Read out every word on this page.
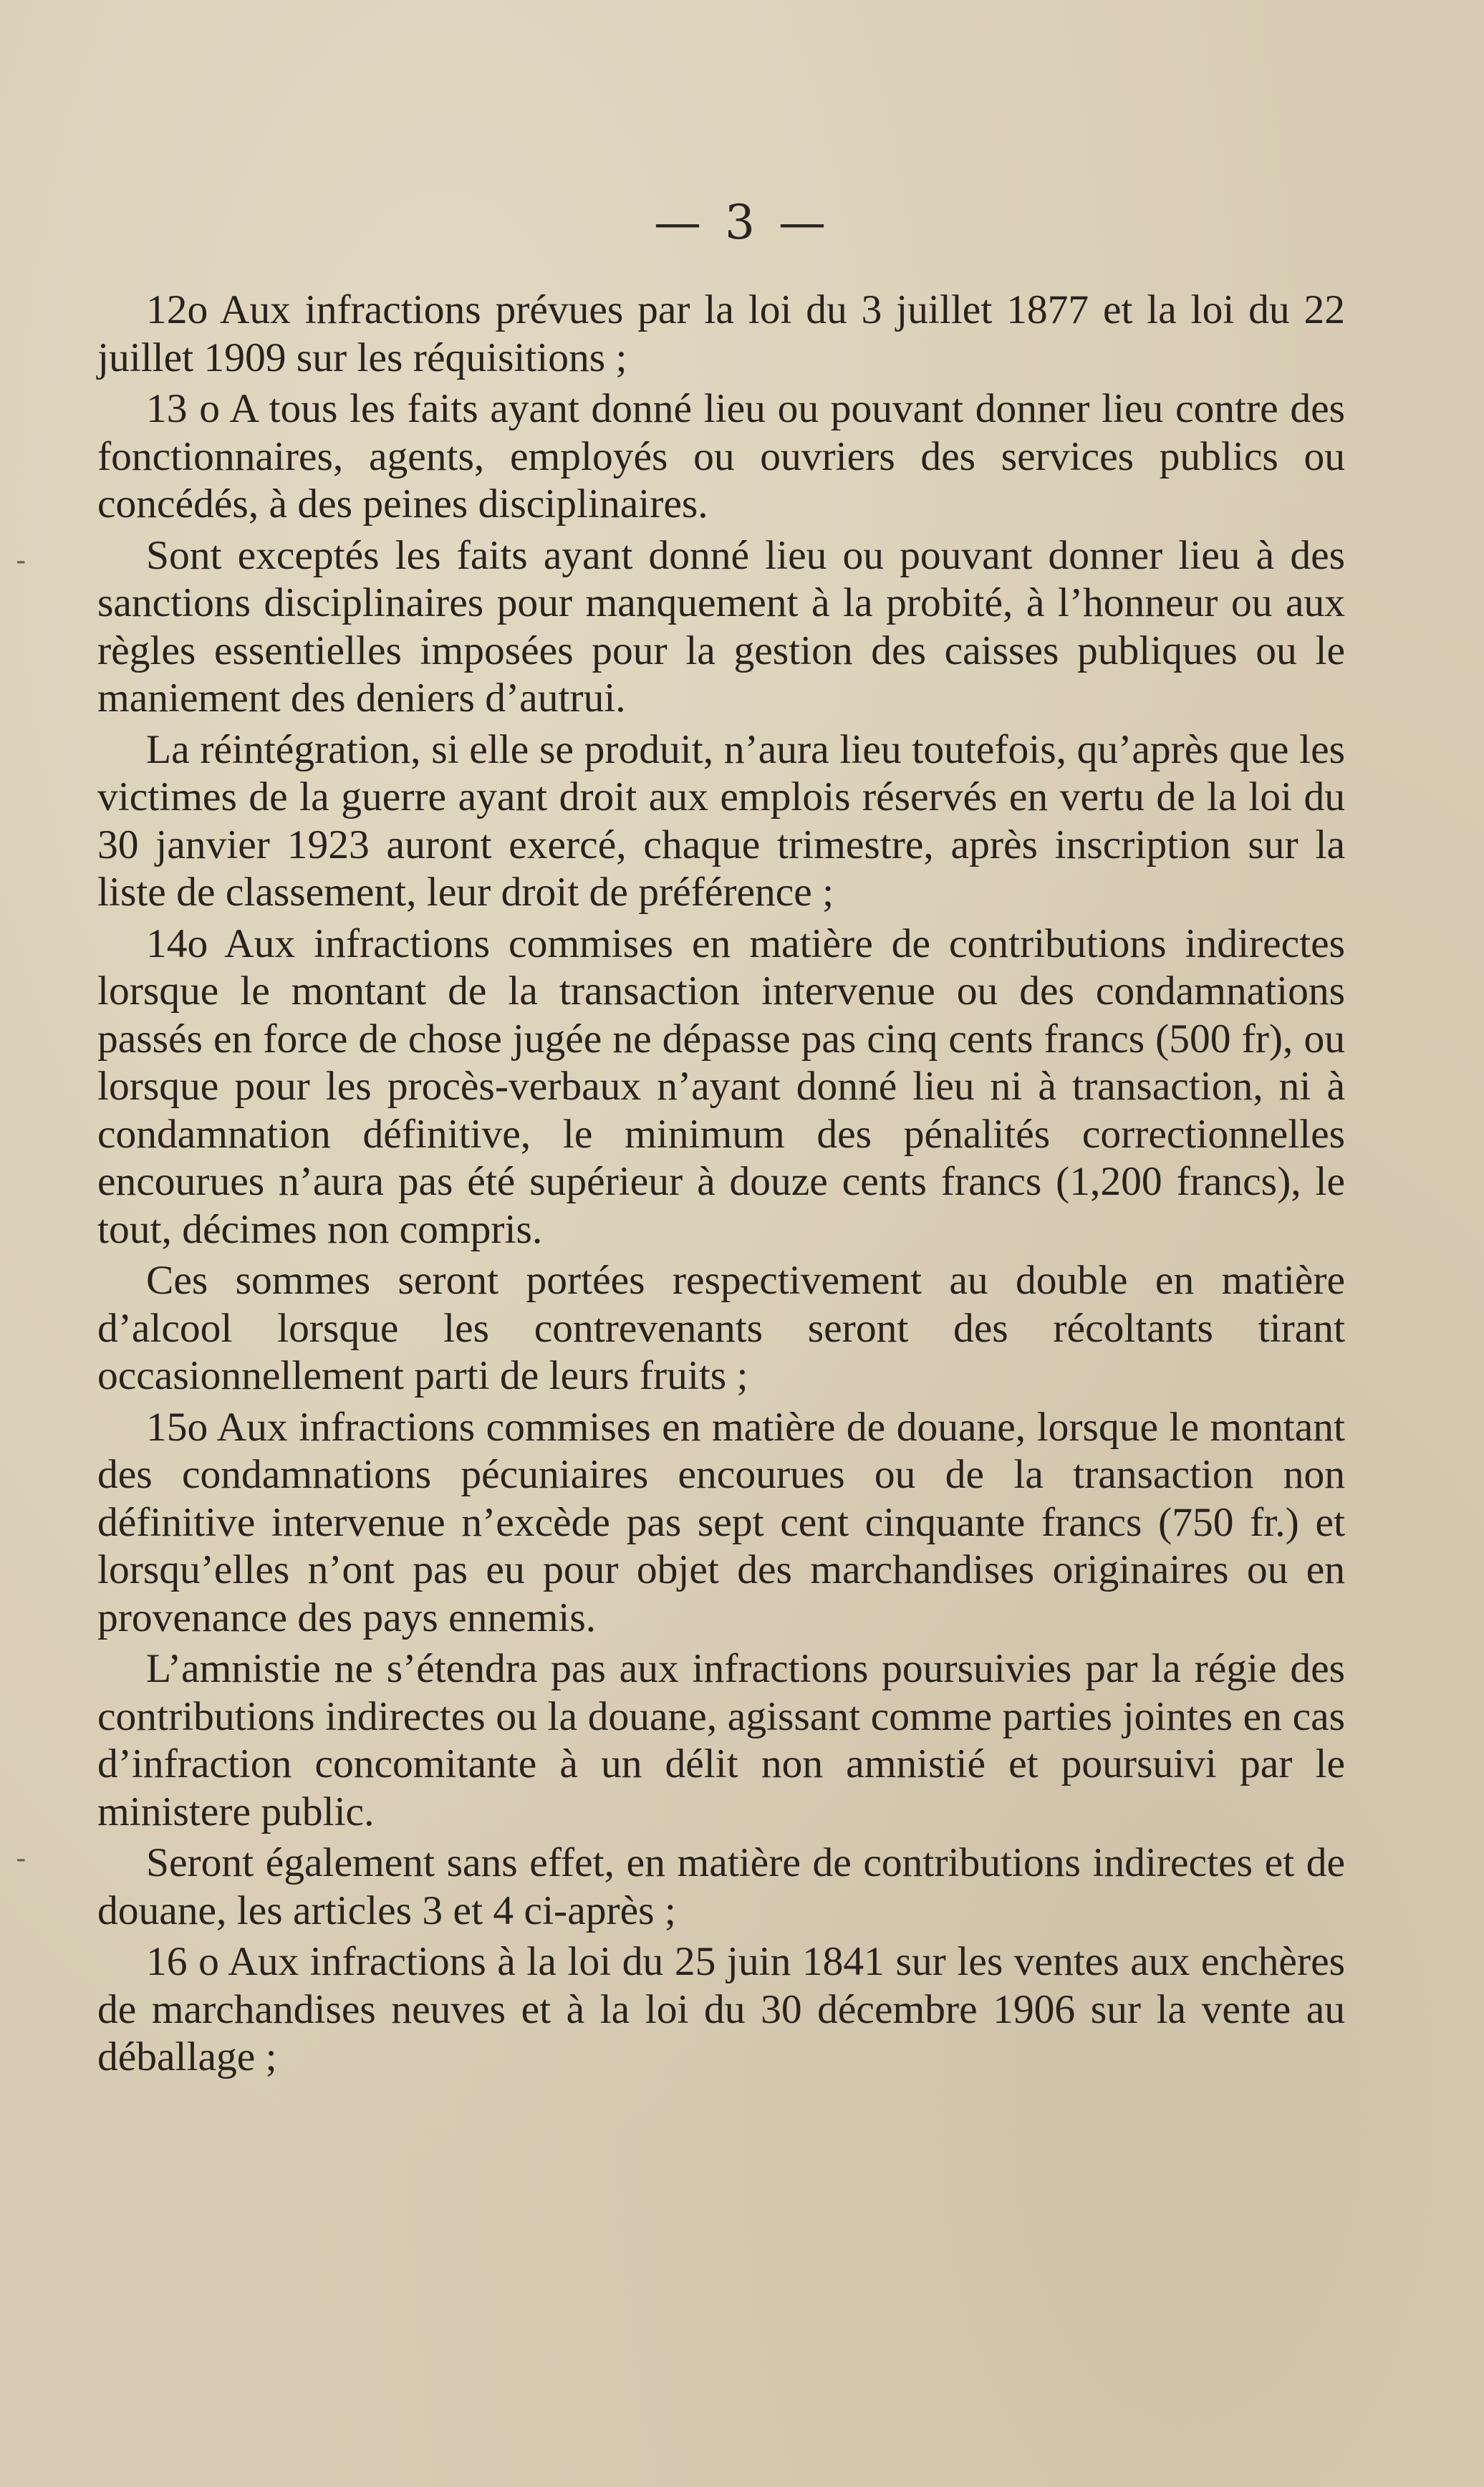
— 3 —
-
-

12o Aux infractions prévues par la loi du 3 juillet 1877 et la loi du 22 juillet 1909 sur les réquisitions ;

13 o A tous les faits ayant donné lieu ou pouvant donner lieu contre des fonctionnaires, agents, employés ou ouvriers des services publics ou concédés, à des peines disciplinaires.

Sont exceptés les faits ayant donné lieu ou pouvant donner lieu à des sanctions disciplinaires pour manquement à la probité, à l’honneur ou aux règles essentielles imposées pour la gestion des caisses publiques ou le maniement des deniers d’autrui.

La réintégration, si elle se produit, n’aura lieu toutefois, qu’après que les victimes de la guerre ayant droit aux emplois réservés en vertu de la loi du 30 janvier 1923 auront exercé, chaque trimestre, après inscription sur la liste de classement, leur droit de préférence ;

14o Aux infractions commises en matière de contributions indirectes lorsque le montant de la transaction intervenue ou des condamnations passés en force de chose jugée ne dépasse pas cinq cents francs (500 fr), ou lorsque pour les procès-verbaux n’ayant donné lieu ni à transaction, ni à condamnation définitive, le minimum des pénalités correctionnelles encourues n’aura pas été supérieur à douze cents francs (1,200 francs), le tout, décimes non compris.

Ces sommes seront portées respectivement au double en matière d’alcool lorsque les contrevenants seront des récoltants tirant occasionnellement parti de leurs fruits ;

15o Aux infractions commises en matière de douane, lorsque le montant des condamnations pécuniaires encourues ou de la transaction non définitive intervenue n’excède pas sept cent cinquante francs (750 fr.) et lorsqu’elles n’ont pas eu pour objet des marchandises originaires ou en provenance des pays ennemis.

L’amnistie ne s’étendra pas aux infractions poursuivies par la régie des contributions indirectes ou la douane, agissant comme parties jointes en cas d’infraction concomitante à un délit non amnistié et poursuivi par le ministere public.

Seront également sans effet, en matière de contributions indirectes et de douane, les articles 3 et 4 ci-après ;

16 o Aux infractions à la loi du 25 juin 1841 sur les ventes aux enchères de marchandises neuves et à la loi du 30 décembre 1906 sur la vente au déballage ;
